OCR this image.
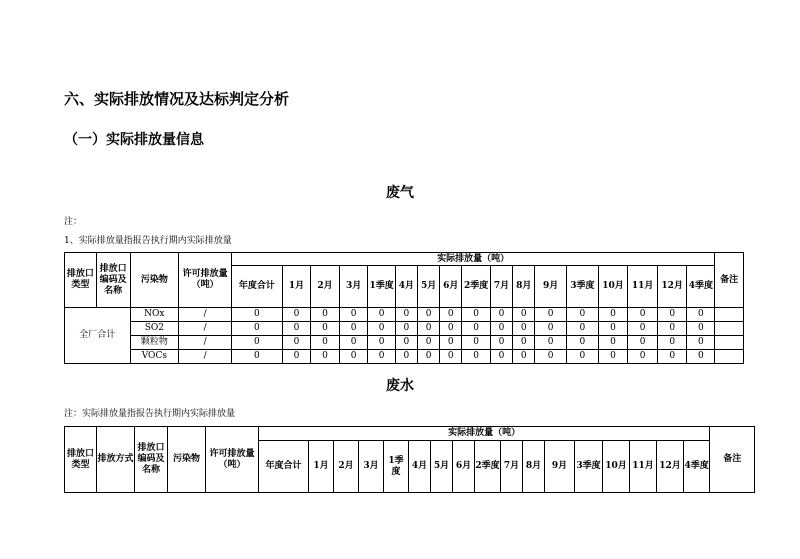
六、实际排放情况及达标判定分析
（一）实际排放量信息
废气
注：
1、实际排放量指报告执行期内实际排放量
排放口类型	排放口编码及名称	污染物	许可排放量（吨）	实际排放量（吨）																	备注
				年度合计	1月	2月	3月	1季度	4月	5月	6月	2季度	7月	8月	9月	3季度	10月	11月	12月	4季度	
全厂合计		NOx	/	0	0	0	0	0	0	0	0	0	0	0	0	0	0	0	0	0	
		SO2	/	0	0	0	0	0	0	0	0	0	0	0	0	0	0	0	0	0	
		颗粒物	/	0	0	0	0	0	0	0	0	0	0	0	0	0	0	0	0	0	
		VOCs	/	0	0	0	0	0	0	0	0	0	0	0	0	0	0	0	0	0	
废水
注：实际排放量指报告执行期内实际排放量
排放口类型	排放方式	排放口编码及名称	污染物	许可排放量（吨）	实际排放量（吨）																	备注
					年度合计	1月	2月	3月	1季度	4月	5月	6月	2季度	7月	8月	9月	3季度	10月	11月	12月	4季度	
